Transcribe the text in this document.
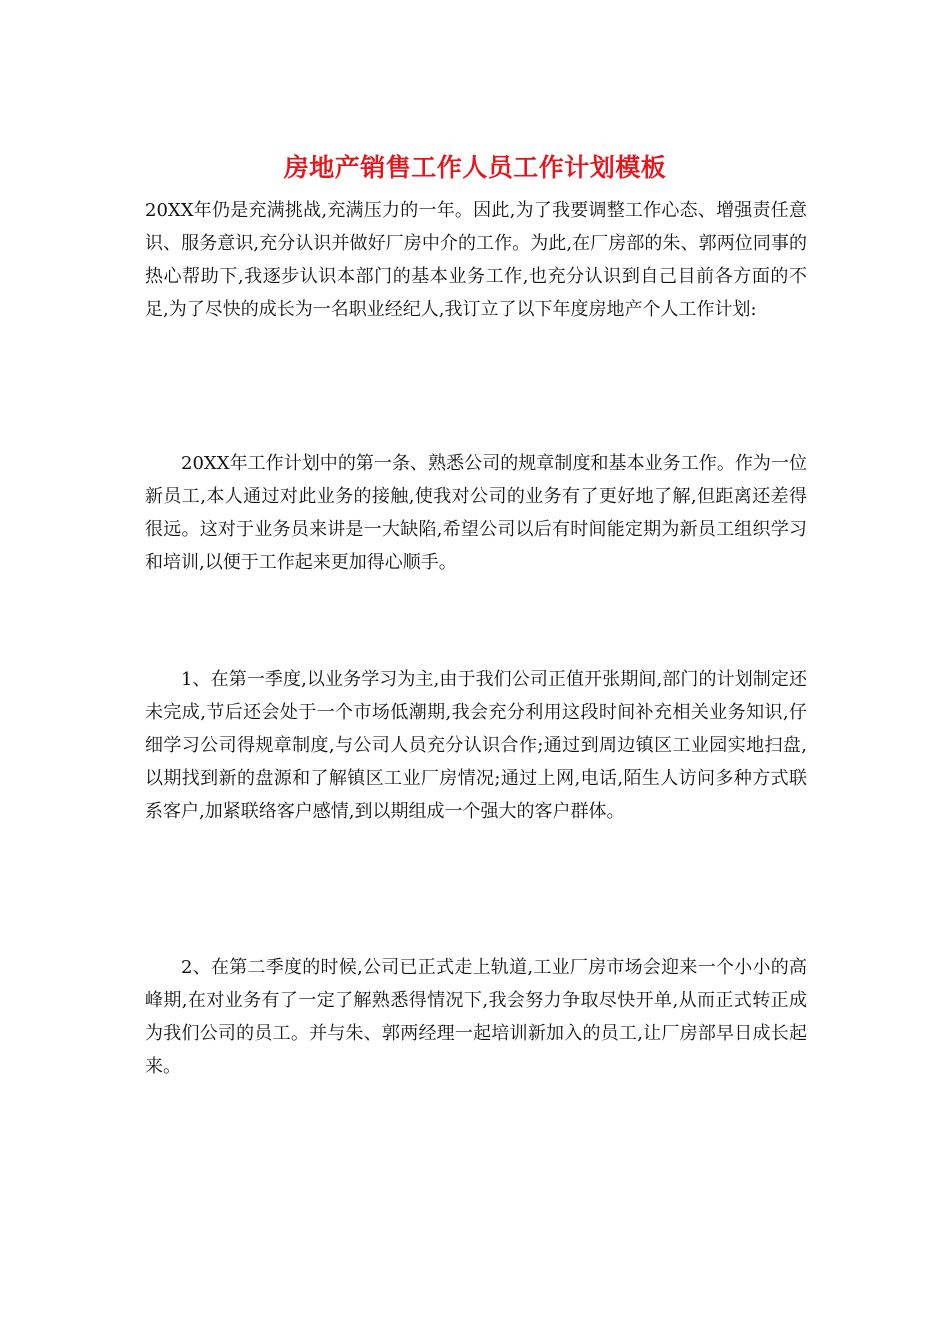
房地产销售工作人员工作计划模板

20XX年仍是充满挑战,充满压力的一年。因此,为了我要调整工作心态、增强责任意识、服务意识,充分认识并做好厂房中介的工作。为此,在厂房部的朱、郭两位同事的热心帮助下,我逐步认识本部门的基本业务工作,也充分认识到自己目前各方面的不足,为了尽快的成长为一名职业经纪人,我订立了以下年度房地产个人工作计划:

20XX年工作计划中的第一条、熟悉公司的规章制度和基本业务工作。作为一位新员工,本人通过对此业务的接触,使我对公司的业务有了更好地了解,但距离还差得很远。这对于业务员来讲是一大缺陷,希望公司以后有时间能定期为新员工组织学习和培训,以便于工作起来更加得心顺手。

1、在第一季度,以业务学习为主,由于我们公司正值开张期间,部门的计划制定还未完成,节后还会处于一个市场低潮期,我会充分利用这段时间补充相关业务知识,仔细学习公司得规章制度,与公司人员充分认识合作;通过到周边镇区工业园实地扫盘,以期找到新的盘源和了解镇区工业厂房情况;通过上网,电话,陌生人访问多种方式联系客户,加紧联络客户感情,到以期组成一个强大的客户群体。

2、在第二季度的时候,公司已正式走上轨道,工业厂房市场会迎来一个小小的高峰期,在对业务有了一定了解熟悉得情况下,我会努力争取尽快开单,从而正式转正成为我们公司的员工。并与朱、郭两经理一起培训新加入的员工,让厂房部早日成长起来。
